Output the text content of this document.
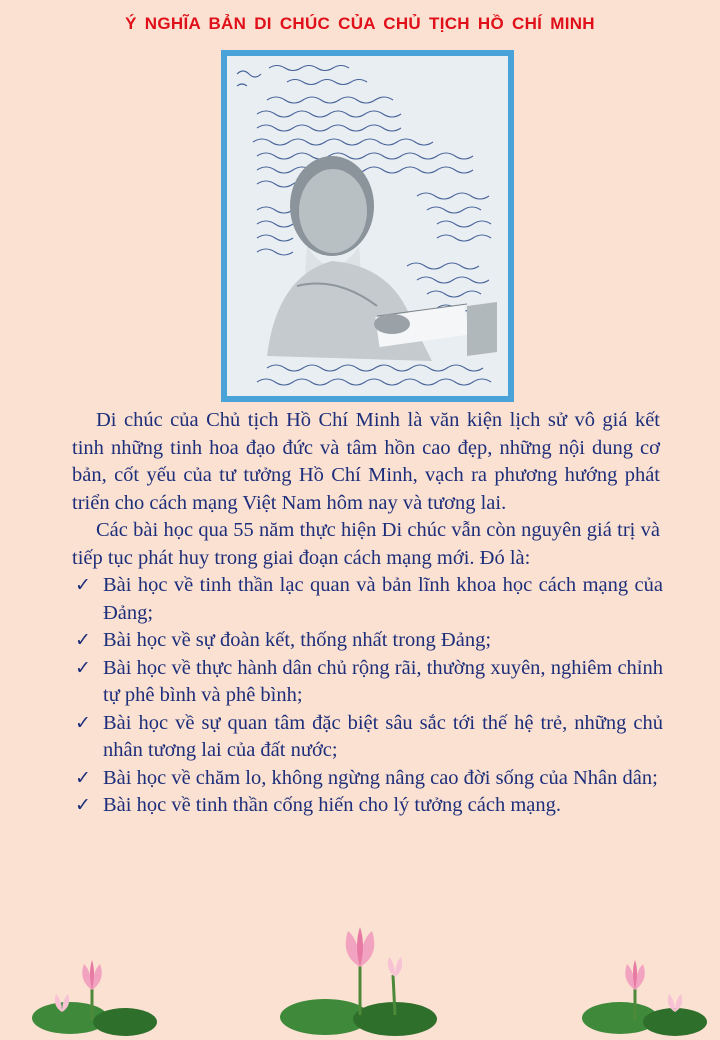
Ý NGHĨA BẢN DI CHÚC CỦA CHỦ TỊCH HỒ CHÍ MINH

Di chúc của Chủ tịch Hồ Chí Minh là văn kiện lịch sử vô giá kết tinh những tinh hoa đạo đức và tâm hồn cao đẹp, những nội dung cơ bản, cốt yếu của tư tưởng Hồ Chí Minh, vạch ra phương hướng phát triển cho cách mạng Việt Nam hôm nay và tương lai.

Các bài học qua 55 năm thực hiện Di chúc vẫn còn nguyên giá trị và tiếp tục phát huy trong giai đoạn cách mạng mới. Đó là:

✓ Bài học về tinh thần lạc quan và bản lĩnh khoa học cách mạng của Đảng;
✓ Bài học về sự đoàn kết, thống nhất trong Đảng;
✓ Bài học về thực hành dân chủ rộng rãi, thường xuyên, nghiêm chỉnh tự phê bình và phê bình;
✓ Bài học về sự quan tâm đặc biệt sâu sắc tới thế hệ trẻ, những chủ nhân tương lai của đất nước;
✓ Bài học về chăm lo, không ngừng nâng cao đời sống của Nhân dân;
✓ Bài học về tinh thần cống hiến cho lý tưởng cách mạng.
